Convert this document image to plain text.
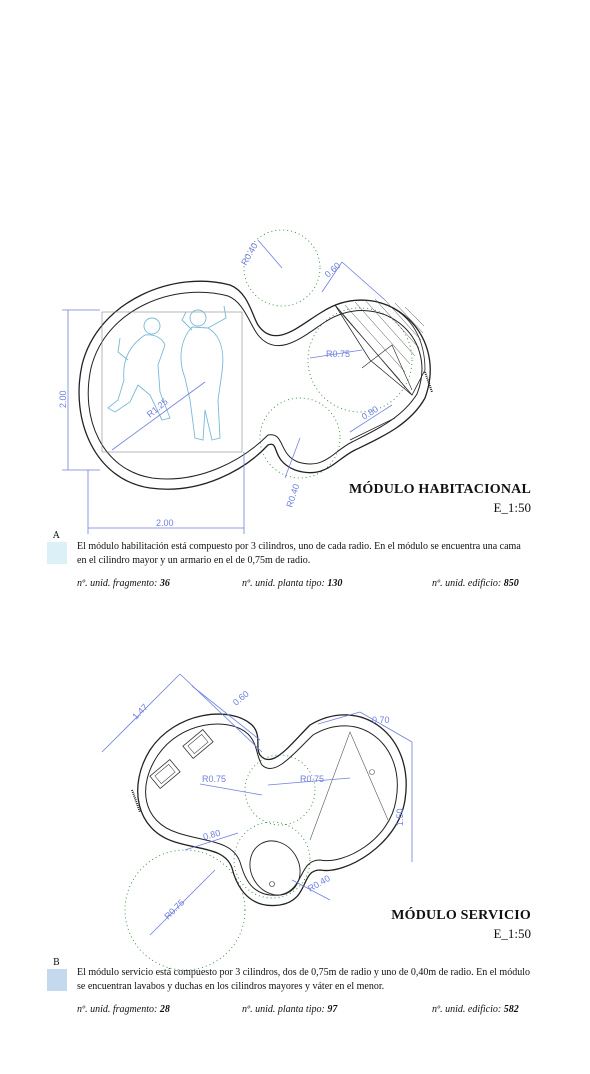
R0.40
0.60
R0.75
2.00	R1.25	0.80
R0.40
2.00
1.47
0.60
0.70
R0.75	R0.75
1.50
0.80
R0.40
R0.75
MÓDULO HABITACIONAL
E_1:50
A
El módulo habilitación está compuesto por 3 cilindros, uno de cada radio. En el módulo se encuentra una cama en el cilindro mayor y un armario en el de 0,75m de radio.
nº. unid. fragmento: 36	nº. unid. planta tipo: 130	nº. unid. edificio: 850
MÓDULO SERVICIO
E_1:50
B
El módulo servicio está compuesto por 3 cilindros, dos de 0,75m de radio y uno de 0,40m de radio. En el módulo se encuentran lavabos y duchas en los cilindros mayores y váter en el menor.
nº. unid. fragmento: 28	nº. unid. planta tipo: 97	nº. unid. edificio: 582
